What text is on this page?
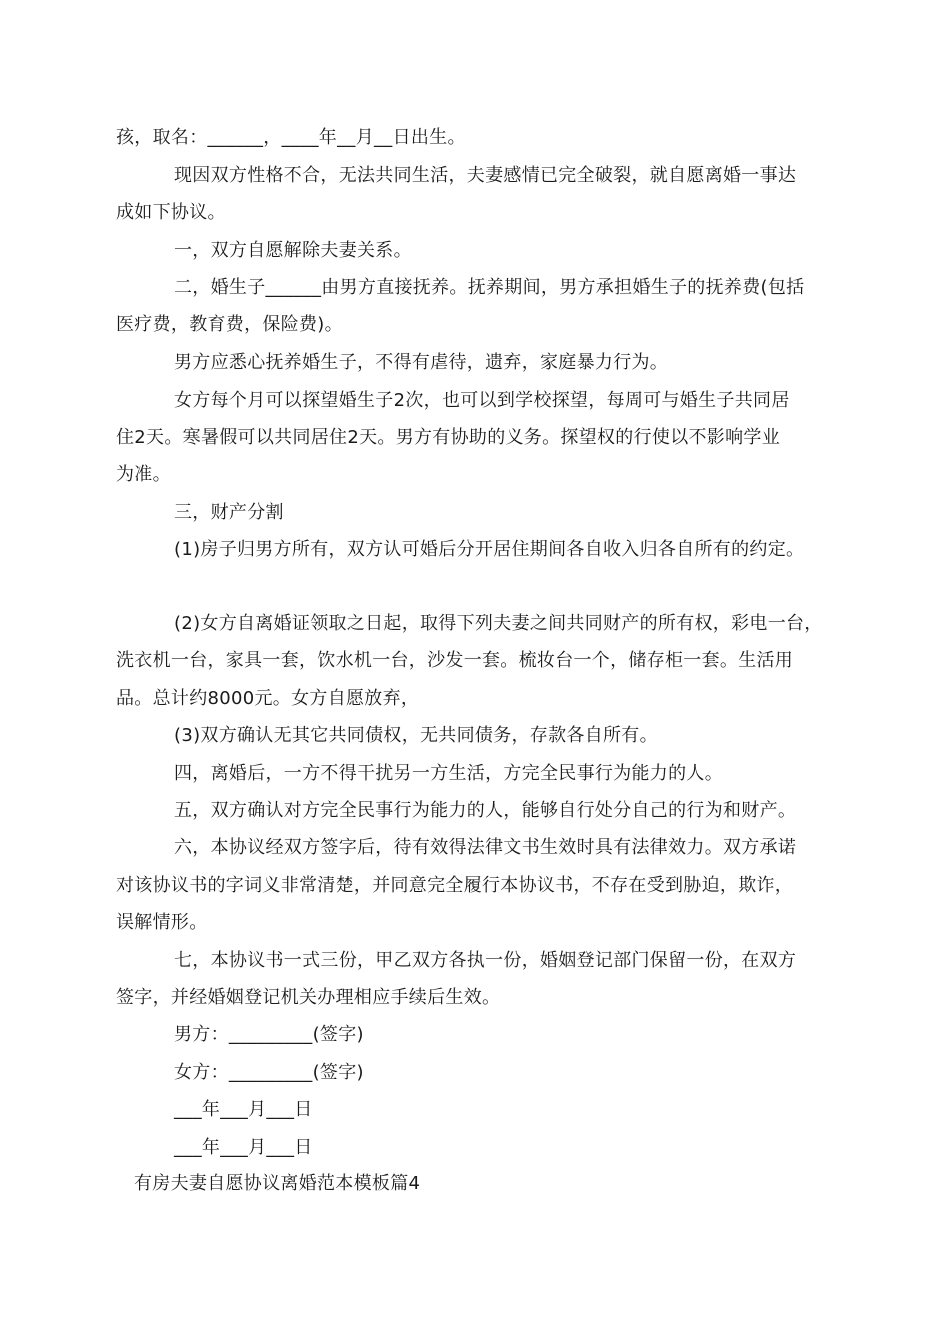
孩，取名：______，____年__月__日出生。
现因双方性格不合，无法共同生活，夫妻感情已完全破裂，就自愿离婚一事达
成如下协议。
一，双方自愿解除夫妻关系。
二，婚生子______由男方直接抚养。抚养期间，男方承担婚生子的抚养费(包括
医疗费，教育费，保险费)。
男方应悉心抚养婚生子，不得有虐待，遗弃，家庭暴力行为。
女方每个月可以探望婚生子2次，也可以到学校探望，每周可与婚生子共同居
住2天。寒暑假可以共同居住2天。男方有协助的义务。探望权的行使以不影响学业
为准。
三，财产分割
(1)房子归男方所有，双方认可婚后分开居住期间各自收入归各自所有的约定。
(2)女方自离婚证领取之日起，取得下列夫妻之间共同财产的所有权，彩电一台，
洗衣机一台，家具一套，饮水机一台，沙发一套。梳妆台一个，储存柜一套。生活用
品。总计约8000元。女方自愿放弃，
(3)双方确认无其它共同债权，无共同债务，存款各自所有。
四，离婚后，一方不得干扰另一方生活，方完全民事行为能力的人。
五，双方确认对方完全民事行为能力的人，能够自行处分自己的行为和财产。
六，本协议经双方签字后，待有效得法律文书生效时具有法律效力。双方承诺
对该协议书的字词义非常清楚，并同意完全履行本协议书，不存在受到胁迫，欺诈，
误解情形。
七，本协议书一式三份，甲乙双方各执一份，婚姻登记部门保留一份，在双方
签字，并经婚姻登记机关办理相应手续后生效。
男方：_________(签字)
女方：_________(签字)
___年___月___日
___年___月___日
有房夫妻自愿协议离婚范本模板篇4
